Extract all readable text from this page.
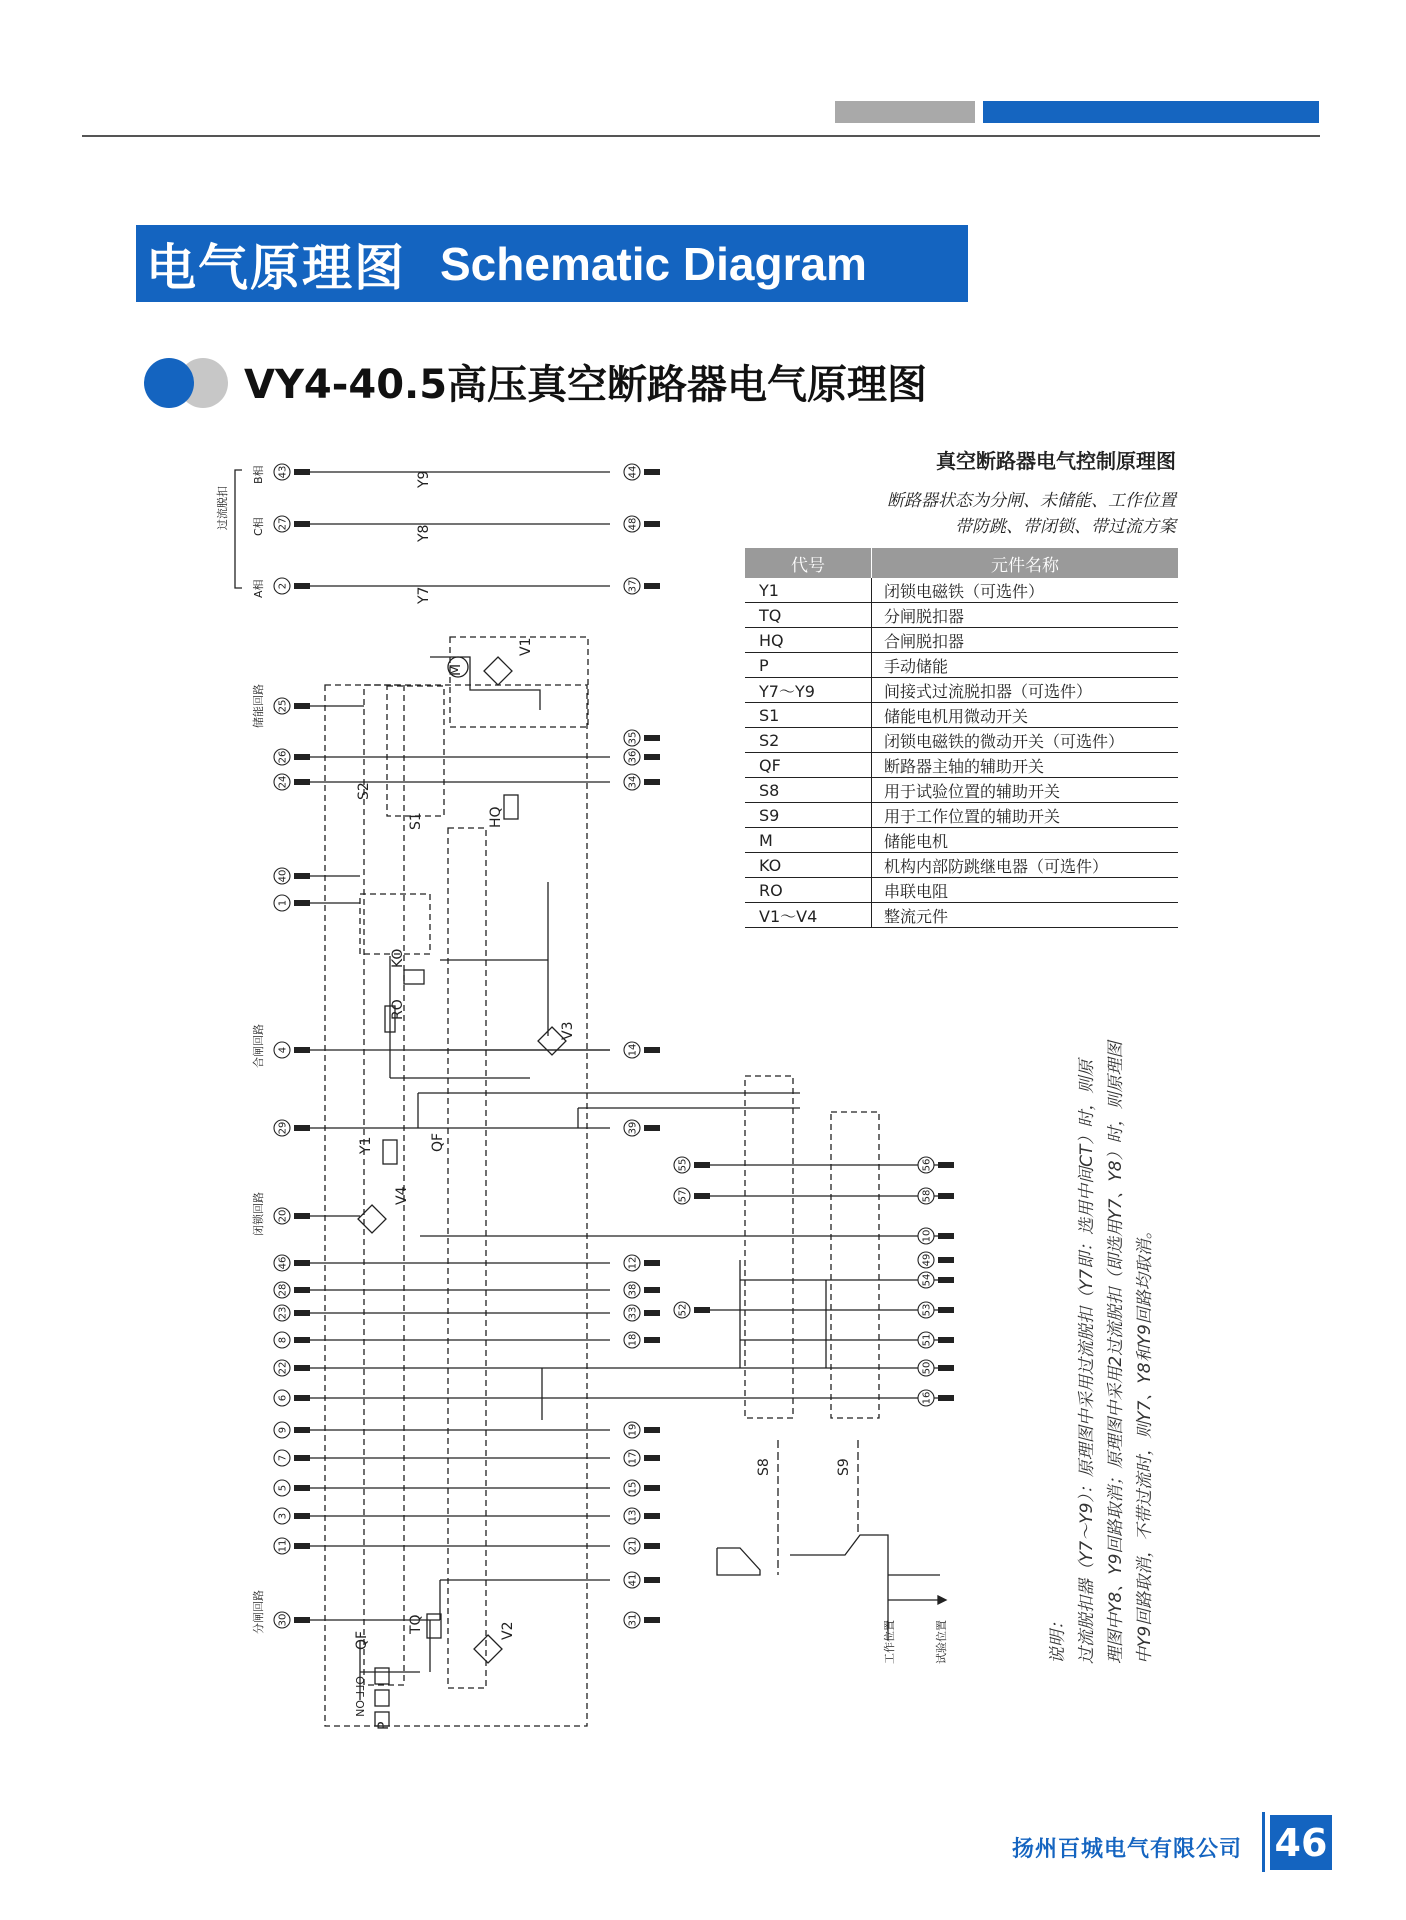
电气原理图 Schematic Diagram
VY4-40.5高压真空断路器电气原理图
真空断路器电气控制原理图
断路器状态为分闸、未储能、工作位置
带防跳、带闭锁、带过流方案
代号	元件名称
Y1	闭锁电磁铁（可选件）
TQ	分闸脱扣器
HQ	合闸脱扣器
P	手动储能
Y7～Y9	间接式过流脱扣器（可选件）
S1	储能电机用微动开关
S2	闭锁电磁铁的微动开关（可选件）
QF	断路器主轴的辅助开关
S8	用于试验位置的辅助开关
S9	用于工作位置的辅助开关
M	储能电机
KO	机构内部防跳继电器（可选件）
RO	串联电阻
V1～V4	整流元件
43
27
2
25
26
24
40
1
4
29
20
46
28
23
8
22
6
9
7
5
3
11
30
44
48
37
35
36
34
14
39
12
38
33
18
19
17
15
13
21
41
31
55
57
52
56
58
10
49
54
53
51
50
16
过流脱扣
储能回路
合闸回路
闭锁回路
分闸回路
B相
C相
A相
工作位置	试验位置
Y9
Y8
Y7
V1
M
S1
S2
HQ
KO
RO
V3
Y1
V4
QF
TQ	V2
S8	S9
P
ON
OFF
QF	说明： 过流脱扣器（Y7～Y9）：原理图中采用过流脱扣（Y7即：选用中间CT）时，则原 理图中Y8、Y9回路取消；原理图中采用2过流脱扣（即选用Y7、Y8）时，则原理图 中Y9回路取消，不带过流时，则Y7、Y8和Y9回路均取消。
扬州百城电气有限公司 46
